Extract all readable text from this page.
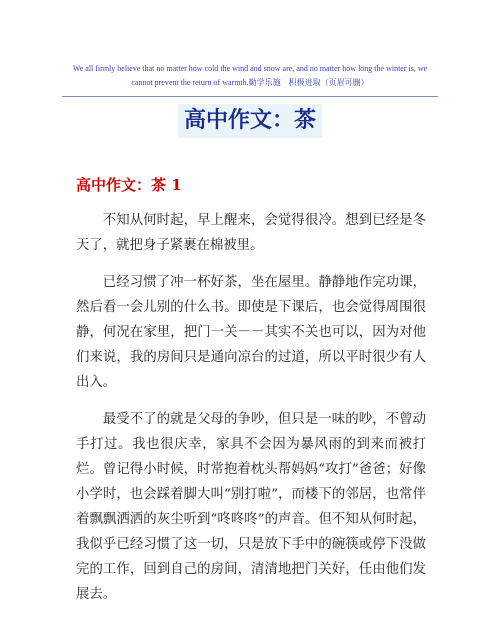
We all firmly believe that no matter how cold the wind and snow are, and no matter how long the winter is, we
cannot prevent the return of warmth.勤学乐施　积极进取（页眉可删）
高中作文：茶
高中作文：茶 1

不知从何时起，早上醒来，会觉得很冷。想到已经是冬天了，就把身子紧裹在棉被里。

已经习惯了冲一杯好茶，坐在屋里。静静地作完功课，然后看一会儿别的什么书。即使是下课后，也会觉得周围很静，何况在家里，把门一关－－其实不关也可以，因为对他们来说，我的房间只是通向凉台的过道，所以平时很少有人出入。

最受不了的就是父母的争吵，但只是一味的吵，不曾动手打过。我也很庆幸，家具不会因为暴风雨的到来而被打烂。曾记得小时候，时常抱着枕头帮妈妈“攻打”爸爸；好像小学时，也会踩着脚大叫“别打啦”，而楼下的邻居，也常伴着飘飘洒洒的灰尘听到“咚咚咚”的声音。但不知从何时起，我似乎已经习惯了这一切，只是放下手中的碗筷或停下没做完的工作，回到自己的房间，清清地把门关好，任由他们发展去。
